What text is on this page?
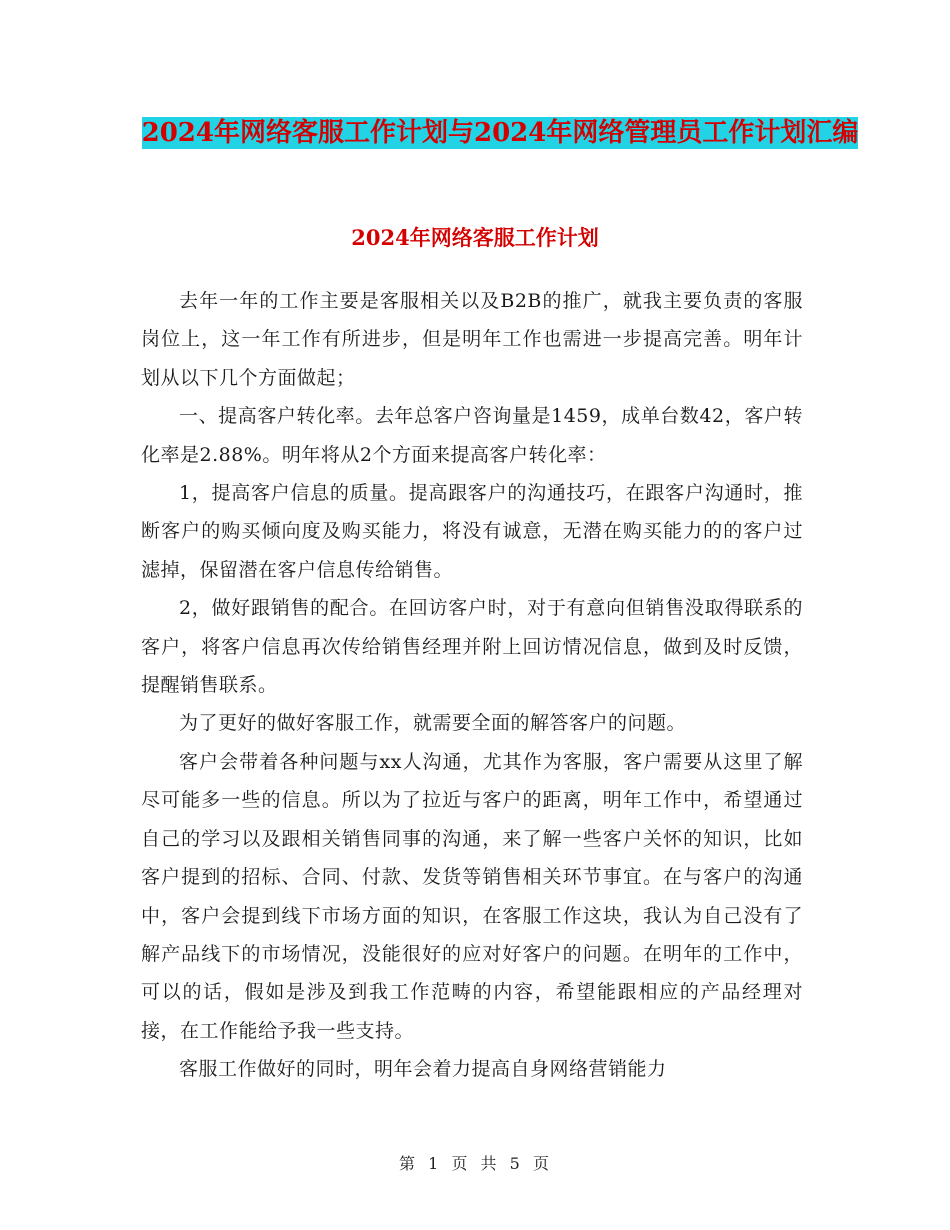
2024年网络客服工作计划与2024年网络管理员工作计划汇编
2024年网络客服工作计划

去年一年的工作主要是客服相关以及B2B的推广，就我主要负责的客服岗位上，这一年工作有所进步，但是明年工作也需进一步提高完善。明年计划从以下几个方面做起；

一、提高客户转化率。去年总客户咨询量是1459，成单台数42，客户转化率是2.88%。明年将从2个方面来提高客户转化率：

1，提高客户信息的质量。提高跟客户的沟通技巧，在跟客户沟通时，推断客户的购买倾向度及购买能力，将没有诚意，无潜在购买能力的的客户过滤掉，保留潜在客户信息传给销售。

2，做好跟销售的配合。在回访客户时，对于有意向但销售没取得联系的客户，将客户信息再次传给销售经理并附上回访情况信息，做到及时反馈，提醒销售联系。

为了更好的做好客服工作，就需要全面的解答客户的问题。

客户会带着各种问题与xx人沟通，尤其作为客服，客户需要从这里了解尽可能多一些的信息。所以为了拉近与客户的距离，明年工作中，希望通过自己的学习以及跟相关销售同事的沟通，来了解一些客户关怀的知识，比如客户提到的招标、合同、付款、发货等销售相关环节事宜。在与客户的沟通中，客户会提到线下市场方面的知识，在客服工作这块，我认为自己没有了解产品线下的市场情况，没能很好的应对好客户的问题。在明年的工作中，可以的话，假如是涉及到我工作范畴的内容，希望能跟相应的产品经理对接，在工作能给予我一些支持。

客服工作做好的同时，明年会着力提高自身网络营销能力

第 1 页 共 5 页
